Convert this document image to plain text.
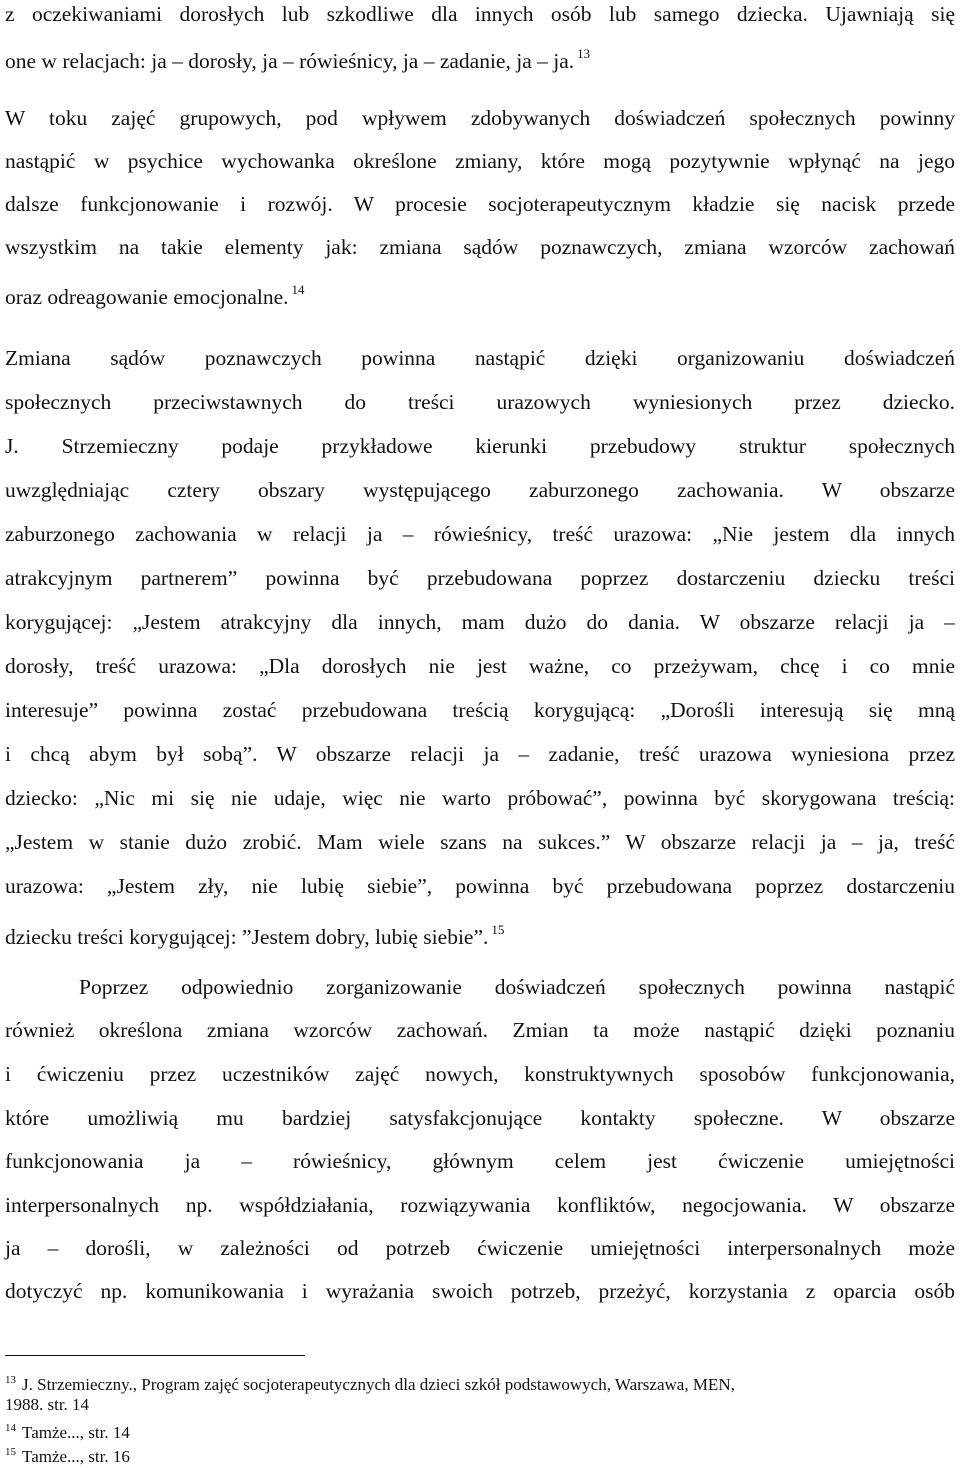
z oczekiwaniami dorosłych lub szkodliwe dla innych osób lub samego dziecka. Ujawniają się
one w relacjach: ja – dorosły, ja – rówieśnicy, ja – zadanie, ja – ja. $^{13}$
W toku zajęć grupowych, pod wpływem zdobywanych doświadczeń społecznych powinny
nastąpić w psychice wychowanka określone zmiany, które mogą pozytywnie wpłynąć na jego
dalsze funkcjonowanie i rozwój. W procesie socjoterapeutycznym kładzie się nacisk przede
wszystkim na takie elementy jak: zmiana sądów poznawczych, zmiana wzorców zachowań
oraz odreagowanie emocjonalne. $^{14}$
Zmiana sądów poznawczych powinna nastąpić dzięki organizowaniu doświadczeń
społecznych przeciwstawnych do treści urazowych wyniesionych przez dziecko.
J. Strzemieczny podaje przykładowe kierunki przebudowy struktur społecznych
uwzględniając cztery obszary występującego zaburzonego zachowania. W obszarze
zaburzonego zachowania w relacji ja – rówieśnicy, treść urazowa: „Nie jestem dla innych
atrakcyjnym partnerem” powinna być przebudowana poprzez dostarczeniu dziecku treści
korygującej: „Jestem atrakcyjny dla innych, mam dużo do dania. W obszarze relacji ja –
dorosły, treść urazowa: „Dla dorosłych nie jest ważne, co przeżywam, chcę i co mnie
interesuje” powinna zostać przebudowana treścią korygującą: „Dorośli interesują się mną
i chcą abym był sobą”. W obszarze relacji ja – zadanie, treść urazowa wyniesiona przez
dziecko: „Nic mi się nie udaje, więc nie warto próbować”, powinna być skorygowana treścią:
„Jestem w stanie dużo zrobić. Mam wiele szans na sukces.” W obszarze relacji ja – ja, treść
urazowa: „Jestem zły, nie lubię siebie”, powinna być przebudowana poprzez dostarczeniu
dziecku treści korygującej: ”Jestem dobry, lubię siebie”. $^{15}$
Poprzez odpowiednio zorganizowanie doświadczeń społecznych powinna nastąpić
również określona zmiana wzorców zachowań. Zmian ta może nastąpić dzięki poznaniu
i ćwiczeniu przez uczestników zajęć nowych, konstruktywnych sposobów funkcjonowania,
które umożliwią mu bardziej satysfakcjonujące kontakty społeczne. W obszarze
funkcjonowania ja – rówieśnicy, głównym celem jest ćwiczenie umiejętności
interpersonalnych np. współdziałania, rozwiązywania konfliktów, negocjowania. W obszarze
ja – dorośli, w zależności od potrzeb ćwiczenie umiejętności interpersonalnych może
dotyczyć np. komunikowania i wyrażania swoich potrzeb, przeżyć, korzystania z oparcia osób
$^{13}$ J. Strzemieczny., Program zajęć socjoterapeutycznych dla dzieci szkół podstawowych, Warszawa, MEN,
1988. str. 14
$^{14}$ Tamże..., str. 14
$^{15}$ Tamże..., str. 16
